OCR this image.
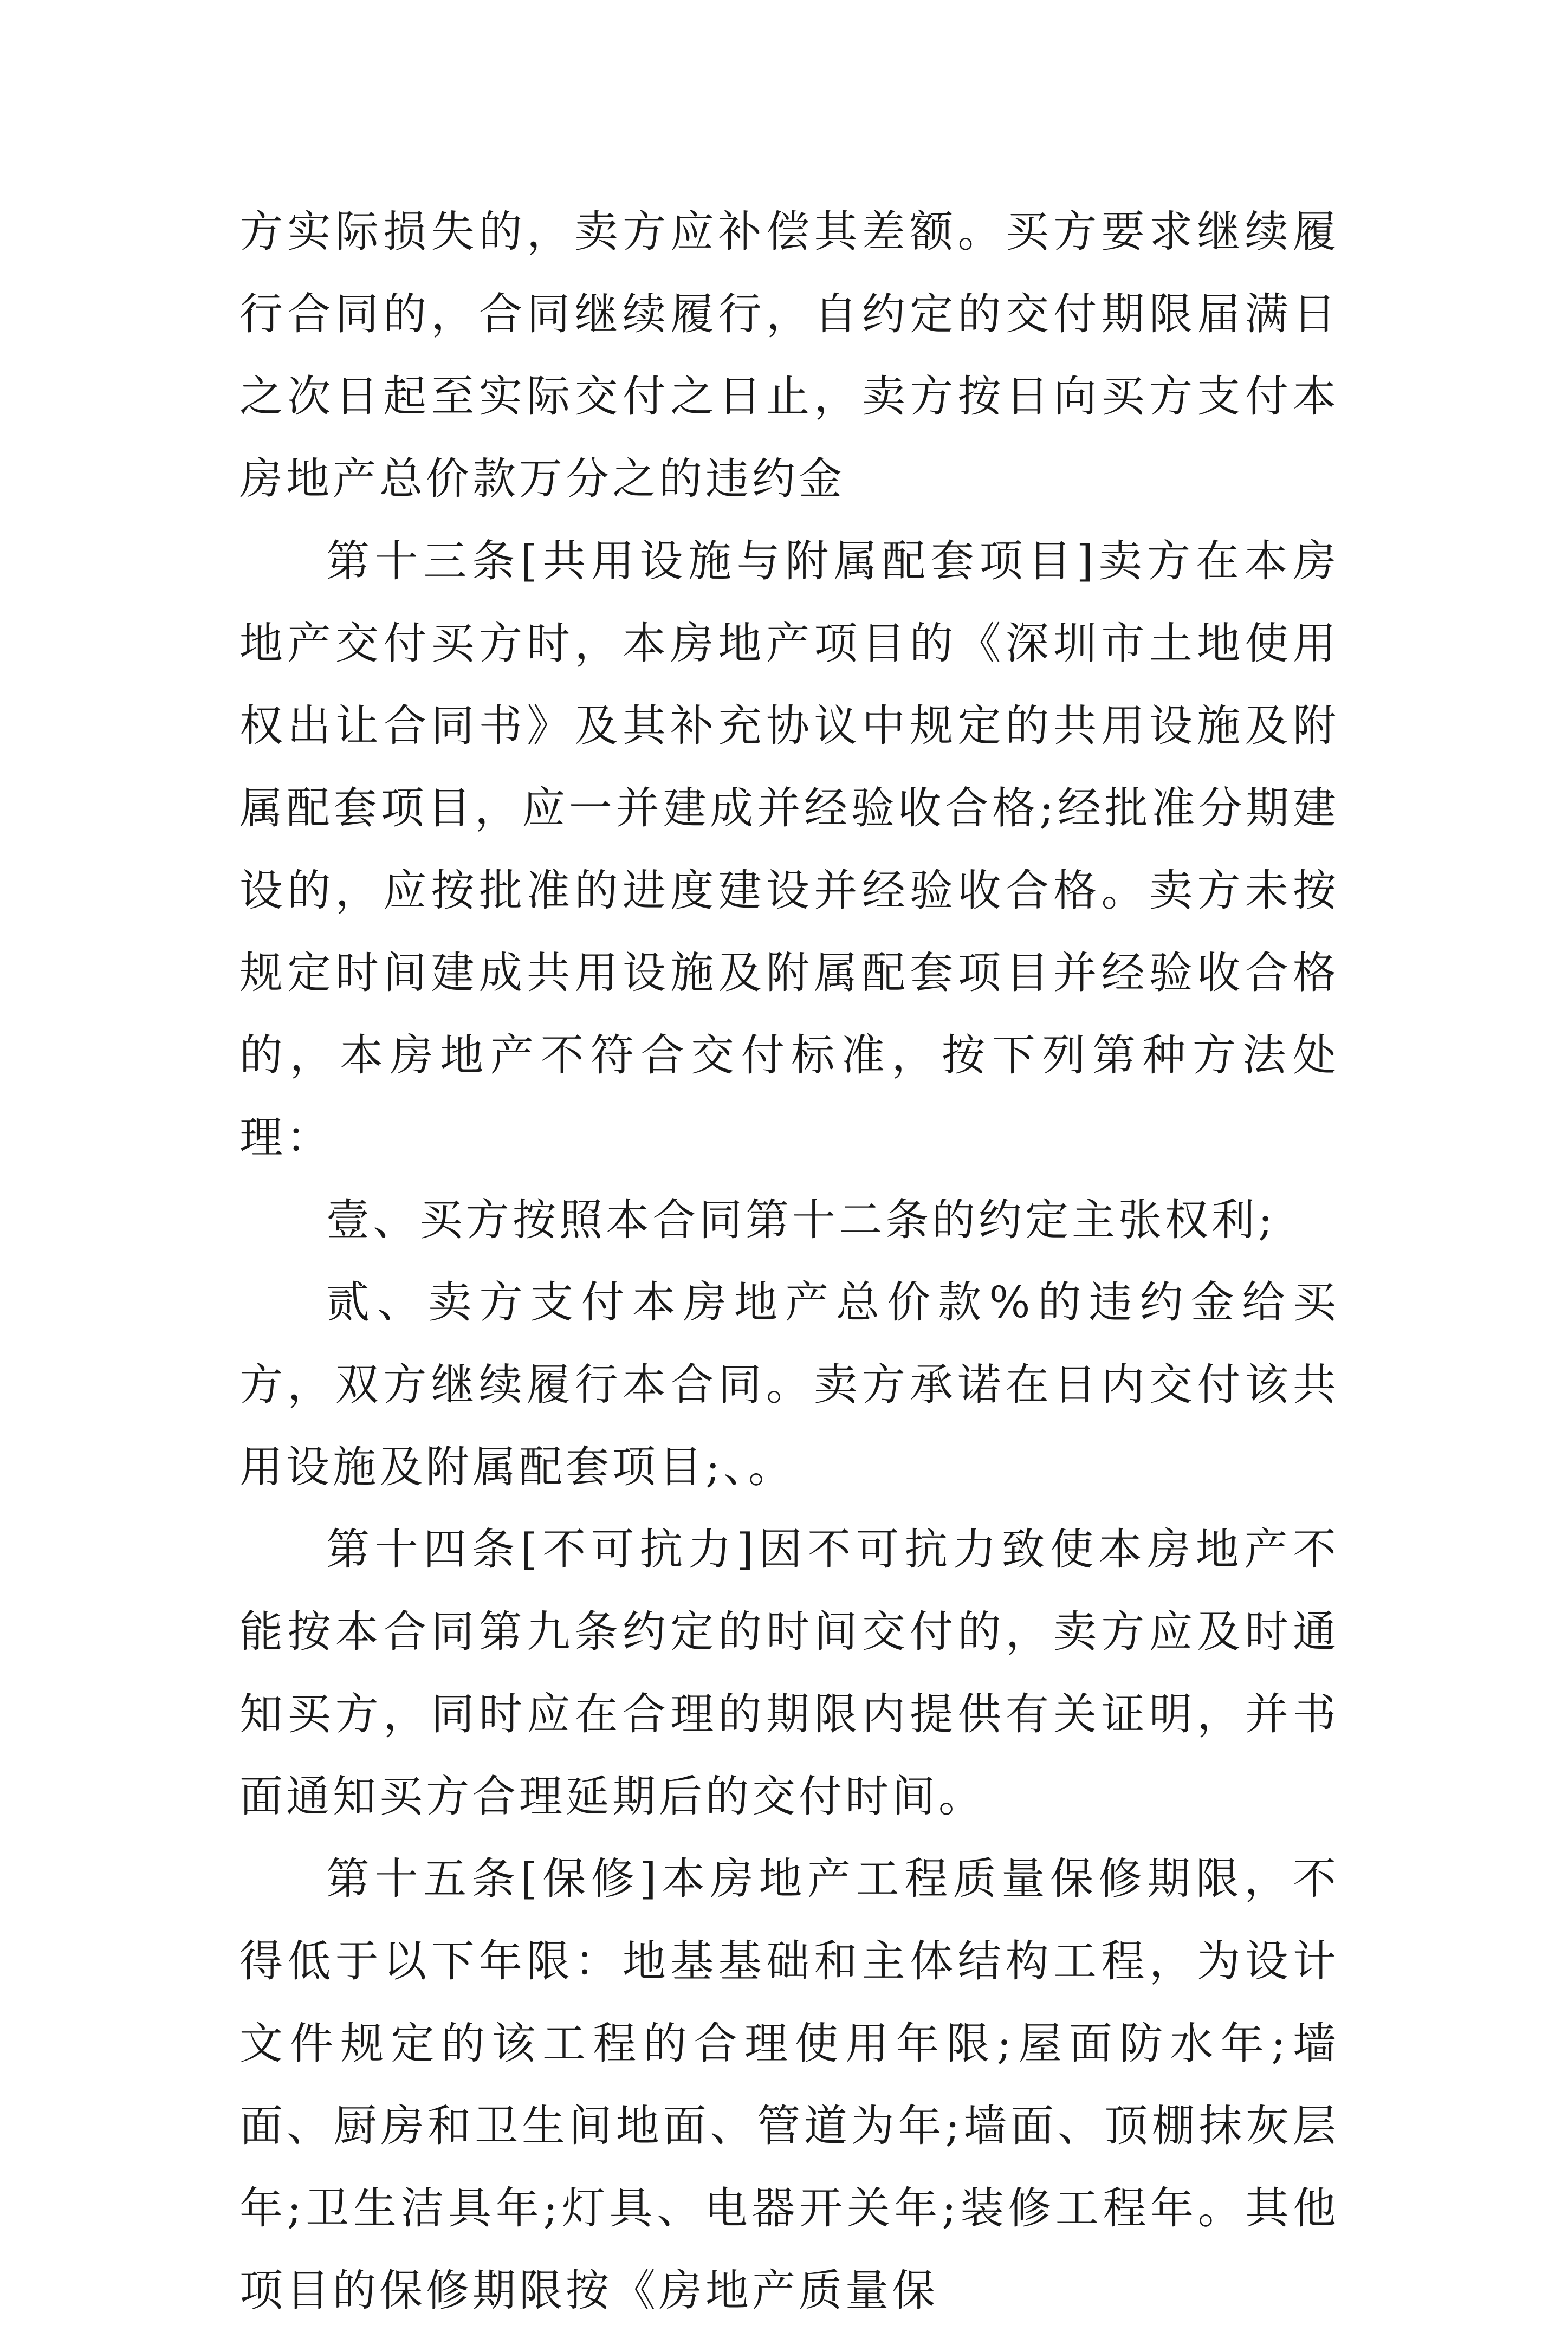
方实际损失的，卖方应补偿其差额。买方要求继续履行合同的，合同继续履行，自约定的交付期限届满日之次日起至实际交付之日止，卖方按日向买方支付本房地产总价款万分之的违约金

第十三条[共用设施与附属配套项目]卖方在本房地产交付买方时，本房地产项目的《深圳市土地使用权出让合同书》及其补充协议中规定的共用设施及附属配套项目，应一并建成并经验收合格;经批准分期建设的，应按批准的进度建设并经验收合格。卖方未按规定时间建成共用设施及附属配套项目并经验收合格的，本房地产不符合交付标准，按下列第种方法处理：

壹、买方按照本合同第十二条的约定主张权利;

贰、卖方支付本房地产总价款%的违约金给买方，双方继续履行本合同。卖方承诺在日内交付该共用设施及附属配套项目;、。

第十四条[不可抗力]因不可抗力致使本房地产不能按本合同第九条约定的时间交付的，卖方应及时通知买方，同时应在合理的期限内提供有关证明，并书面通知买方合理延期后的交付时间。

第十五条[保修]本房地产工程质量保修期限，不得低于以下年限：地基基础和主体结构工程，为设计文件规定的该工程的合理使用年限;屋面防水年;墙面、厨房和卫生间地面、管道为年;墙面、顶棚抹灰层年;卫生洁具年;灯具、电器开关年;装修工程年。其他项目的保修期限按《房地产质量保
